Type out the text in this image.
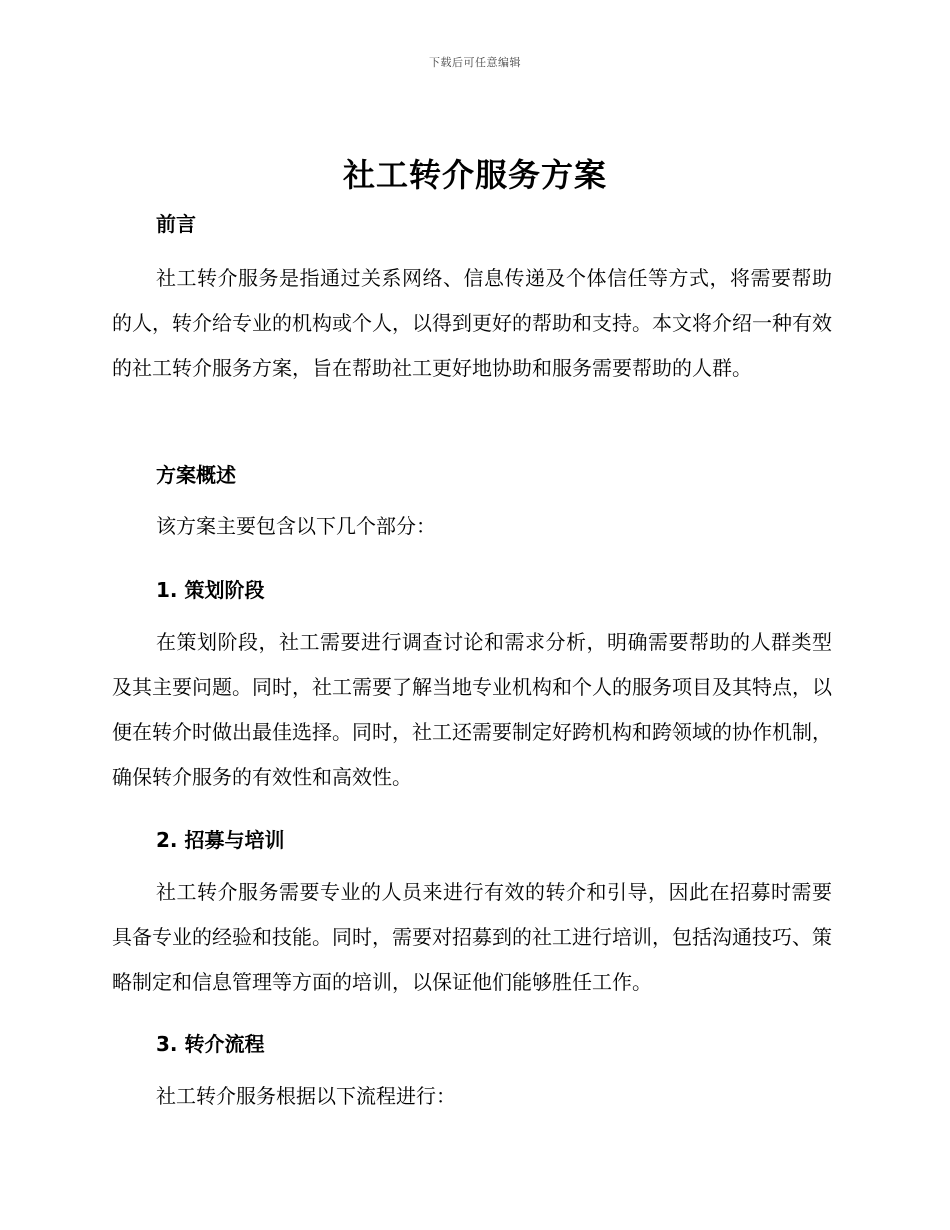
下载后可任意编辑
社工转介服务方案
前言

社工转介服务是指通过关系网络、信息传递及个体信任等方式，将需要帮助的人，转介给专业的机构或个人，以得到更好的帮助和支持。本文将介绍一种有效的社工转介服务方案，旨在帮助社工更好地协助和服务需要帮助的人群。

方案概述

该方案主要包含以下几个部分：

1. 策划阶段

在策划阶段，社工需要进行调查讨论和需求分析，明确需要帮助的人群类型及其主要问题。同时，社工需要了解当地专业机构和个人的服务项目及其特点，以便在转介时做出最佳选择。同时，社工还需要制定好跨机构和跨领域的协作机制，确保转介服务的有效性和高效性。

2. 招募与培训

社工转介服务需要专业的人员来进行有效的转介和引导，因此在招募时需要具备专业的经验和技能。同时，需要对招募到的社工进行培训，包括沟通技巧、策略制定和信息管理等方面的培训，以保证他们能够胜任工作。

3. 转介流程

社工转介服务根据以下流程进行：
